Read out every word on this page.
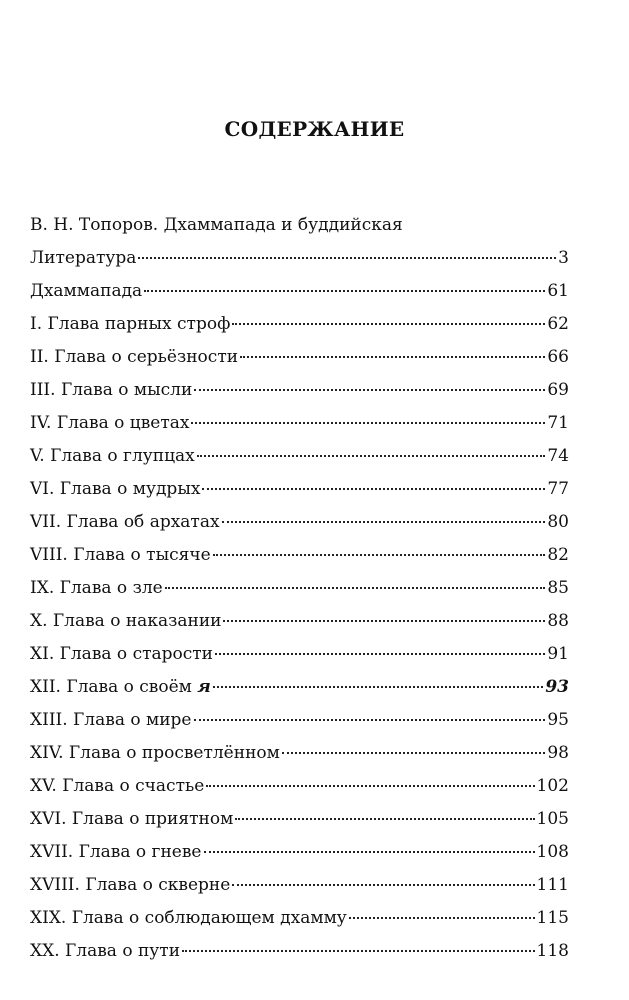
СОДЕРЖАНИЕ
В. Н. Топоров. Дхаммапада и буддийская
Литература	3
Дхаммапада	61
I. Глава парных строф	62
II. Глава о серьёзности	66
III. Глава о мысли	69
IV. Глава о цветах	71
V. Глава о глупцах	74
VI. Глава о мудрых	77
VII. Глава об архатах	80
VIII. Глава о тысяче	82
IX. Глава о зле	85
X. Глава о наказании	88
XI. Глава о старости	91
XII. Глава о своём я	93
XIII. Глава о мире	95
XIV. Глава о просветлённом	98
XV. Глава о счастье	102
XVI. Глава о приятном	105
XVII. Глава о гневе	108
XVIII. Глава о скверне	111
XIX. Глава о соблюдающем дхамму	115
XX. Глава о пути	118
